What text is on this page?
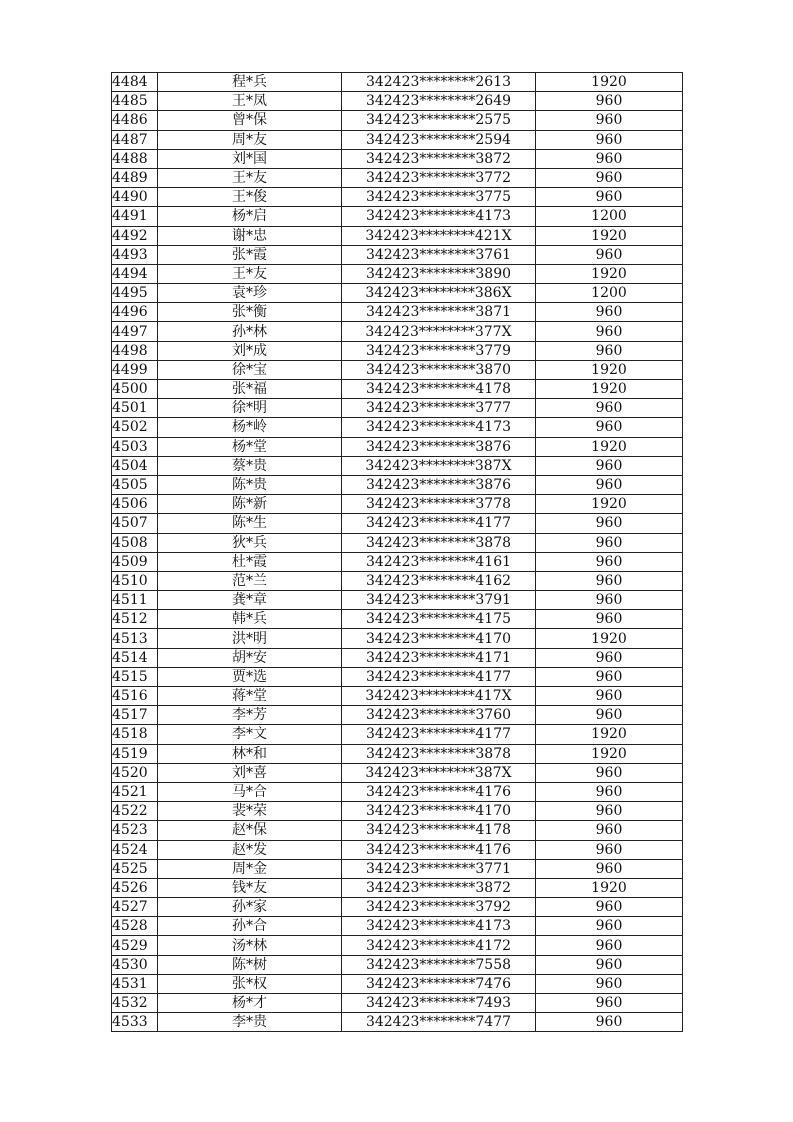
4484	程*兵	342423********2613	1920
4485	王*凤	342423********2649	960
4486	曾*保	342423********2575	960
4487	周*友	342423********2594	960
4488	刘*国	342423********3872	960
4489	王*友	342423********3772	960
4490	王*俊	342423********3775	960
4491	杨*启	342423********4173	1200
4492	谢*忠	342423********421X	1920
4493	张*霞	342423********3761	960
4494	王*友	342423********3890	1920
4495	袁*珍	342423********386X	1200
4496	张*衡	342423********3871	960
4497	孙*林	342423********377X	960
4498	刘*成	342423********3779	960
4499	徐*宝	342423********3870	1920
4500	张*福	342423********4178	1920
4501	徐*明	342423********3777	960
4502	杨*岭	342423********4173	960
4503	杨*堂	342423********3876	1920
4504	蔡*贵	342423********387X	960
4505	陈*贵	342423********3876	960
4506	陈*新	342423********3778	1920
4507	陈*生	342423********4177	960
4508	狄*兵	342423********3878	960
4509	杜*霞	342423********4161	960
4510	范*兰	342423********4162	960
4511	龚*章	342423********3791	960
4512	韩*兵	342423********4175	960
4513	洪*明	342423********4170	1920
4514	胡*安	342423********4171	960
4515	贾*选	342423********4177	960
4516	蒋*堂	342423********417X	960
4517	李*芳	342423********3760	960
4518	李*文	342423********4177	1920
4519	林*和	342423********3878	1920
4520	刘*喜	342423********387X	960
4521	马*合	342423********4176	960
4522	裴*荣	342423********4170	960
4523	赵*保	342423********4178	960
4524	赵*发	342423********4176	960
4525	周*金	342423********3771	960
4526	钱*友	342423********3872	1920
4527	孙*家	342423********3792	960
4528	孙*合	342423********4173	960
4529	汤*林	342423********4172	960
4530	陈*树	342423********7558	960
4531	张*权	342423********7476	960
4532	杨*才	342423********7493	960
4533	李*贵	342423********7477	960
